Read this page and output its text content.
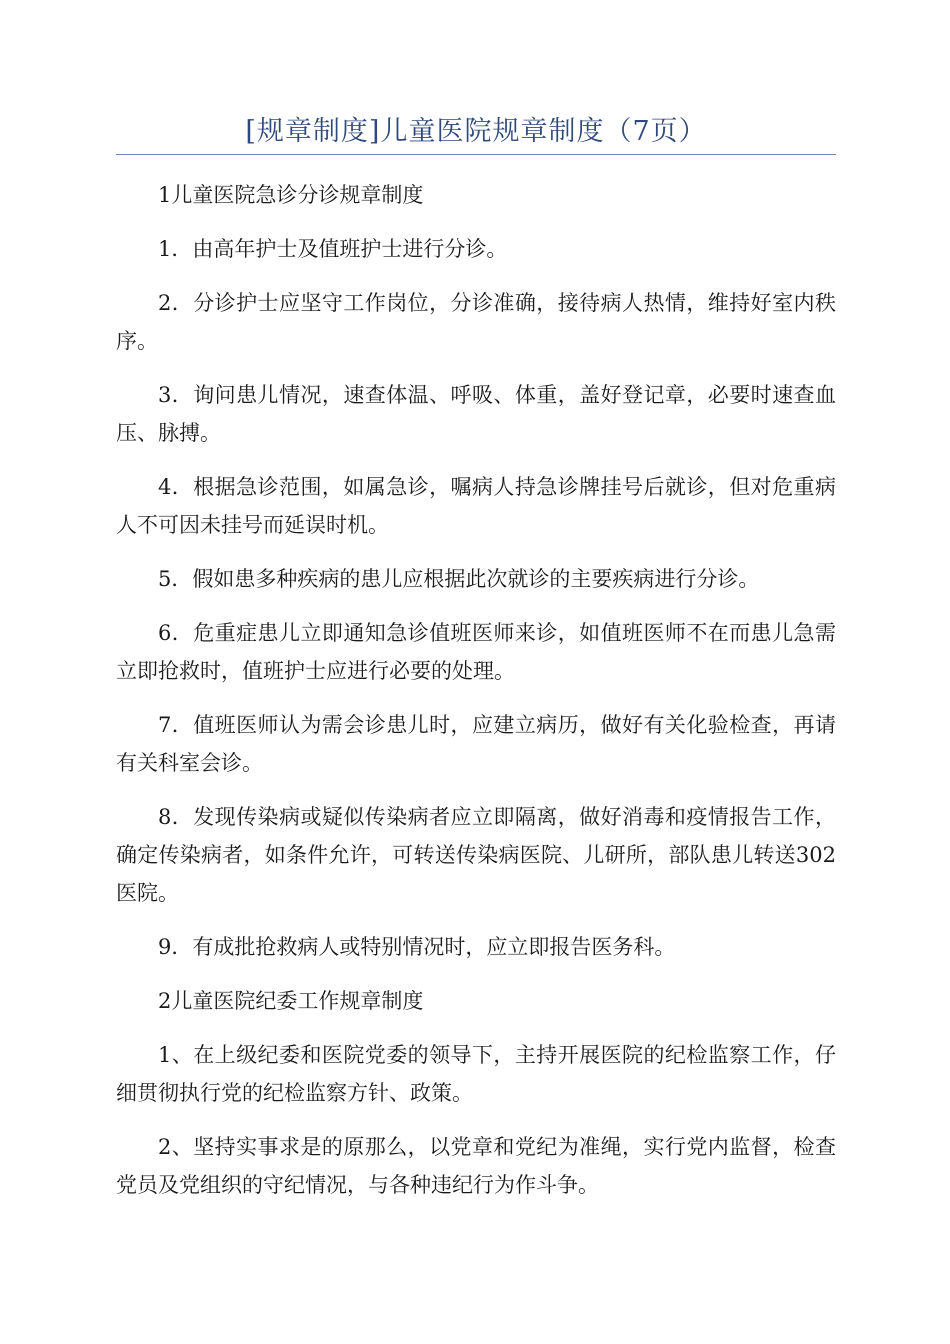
[规章制度]儿童医院规章制度（7页）

1儿童医院急诊分诊规章制度

1．由高年护士及值班护士进行分诊。

2．分诊护士应坚守工作岗位，分诊准确，接待病人热情，维持好室内秩序。

3．询问患儿情况，速查体温、呼吸、体重，盖好登记章，必要时速查血压、脉搏。

4．根据急诊范围，如属急诊，嘱病人持急诊牌挂号后就诊，但对危重病人不可因未挂号而延误时机。

5．假如患多种疾病的患儿应根据此次就诊的主要疾病进行分诊。

6．危重症患儿立即通知急诊值班医师来诊，如值班医师不在而患儿急需立即抢救时，值班护士应进行必要的处理。

7．值班医师认为需会诊患儿时，应建立病历，做好有关化验检查，再请有关科室会诊。

8．发现传染病或疑似传染病者应立即隔离，做好消毒和疫情报告工作，确定传染病者，如条件允许，可转送传染病医院、儿研所，部队患儿转送302医院。

9．有成批抢救病人或特别情况时，应立即报告医务科。

2儿童医院纪委工作规章制度

1、在上级纪委和医院党委的领导下，主持开展医院的纪检监察工作，仔细贯彻执行党的纪检监察方针、政策。

2、坚持实事求是的原那么，以党章和党纪为准绳，实行党内监督，检查党员及党组织的守纪情况，与各种违纪行为作斗争。
